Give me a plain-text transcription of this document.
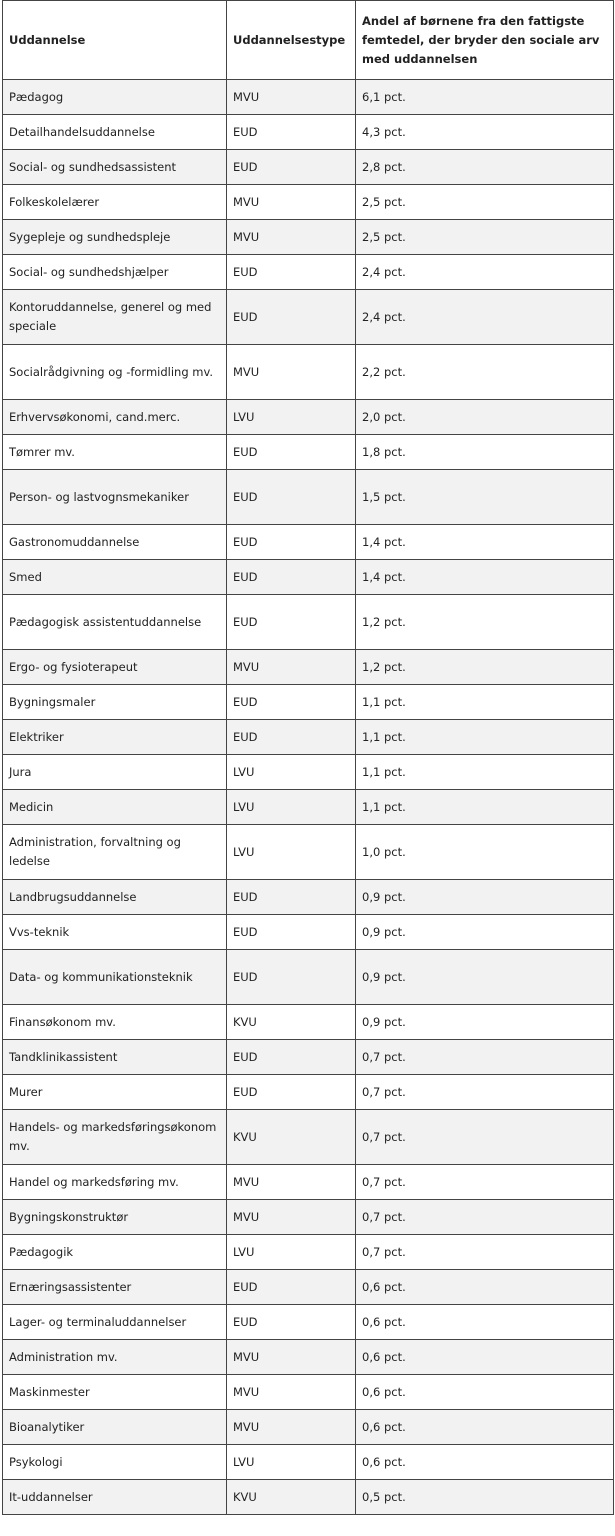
Uddannelse	Uddannelsestype	Andel af børnene fra den fattigste femtedel, der bryder den sociale arv med uddannelsen
Pædagog	MVU	6,1 pct.
Detailhandelsuddannelse	EUD	4,3 pct.
Social- og sundhedsassistent	EUD	2,8 pct.
Folkeskolelærer	MVU	2,5 pct.
Sygepleje og sundhedspleje	MVU	2,5 pct.
Social- og sundhedshjælper	EUD	2,4 pct.
Kontoruddannelse, generel og med speciale	EUD	2,4 pct.
Socialrådgivning og -formidling mv.	MVU	2,2 pct.
Erhvervsøkonomi, cand.merc.	LVU	2,0 pct.
Tømrer mv.	EUD	1,8 pct.
Person- og lastvognsmekaniker	EUD	1,5 pct.
Gastronomuddannelse	EUD	1,4 pct.
Smed	EUD	1,4 pct.
Pædagogisk assistentuddannelse	EUD	1,2 pct.
Ergo- og fysioterapeut	MVU	1,2 pct.
Bygningsmaler	EUD	1,1 pct.
Elektriker	EUD	1,1 pct.
Jura	LVU	1,1 pct.
Medicin	LVU	1,1 pct.
Administration, forvaltning og ledelse	LVU	1,0 pct.
Landbrugsuddannelse	EUD	0,9 pct.
Vvs-teknik	EUD	0,9 pct.
Data- og kommunikationsteknik	EUD	0,9 pct.
Finansøkonom mv.	KVU	0,9 pct.
Tandklinikassistent	EUD	0,7 pct.
Murer	EUD	0,7 pct.
Handels- og markedsføringsøkonom mv.	KVU	0,7 pct.
Handel og markedsføring mv.	MVU	0,7 pct.
Bygningskonstruktør	MVU	0,7 pct.
Pædagogik	LVU	0,7 pct.
Ernæringsassistenter	EUD	0,6 pct.
Lager- og terminaluddannelser	EUD	0,6 pct.
Administration mv.	MVU	0,6 pct.
Maskinmester	MVU	0,6 pct.
Bioanalytiker	MVU	0,6 pct.
Psykologi	LVU	0,6 pct.
It-uddannelser	KVU	0,5 pct.
